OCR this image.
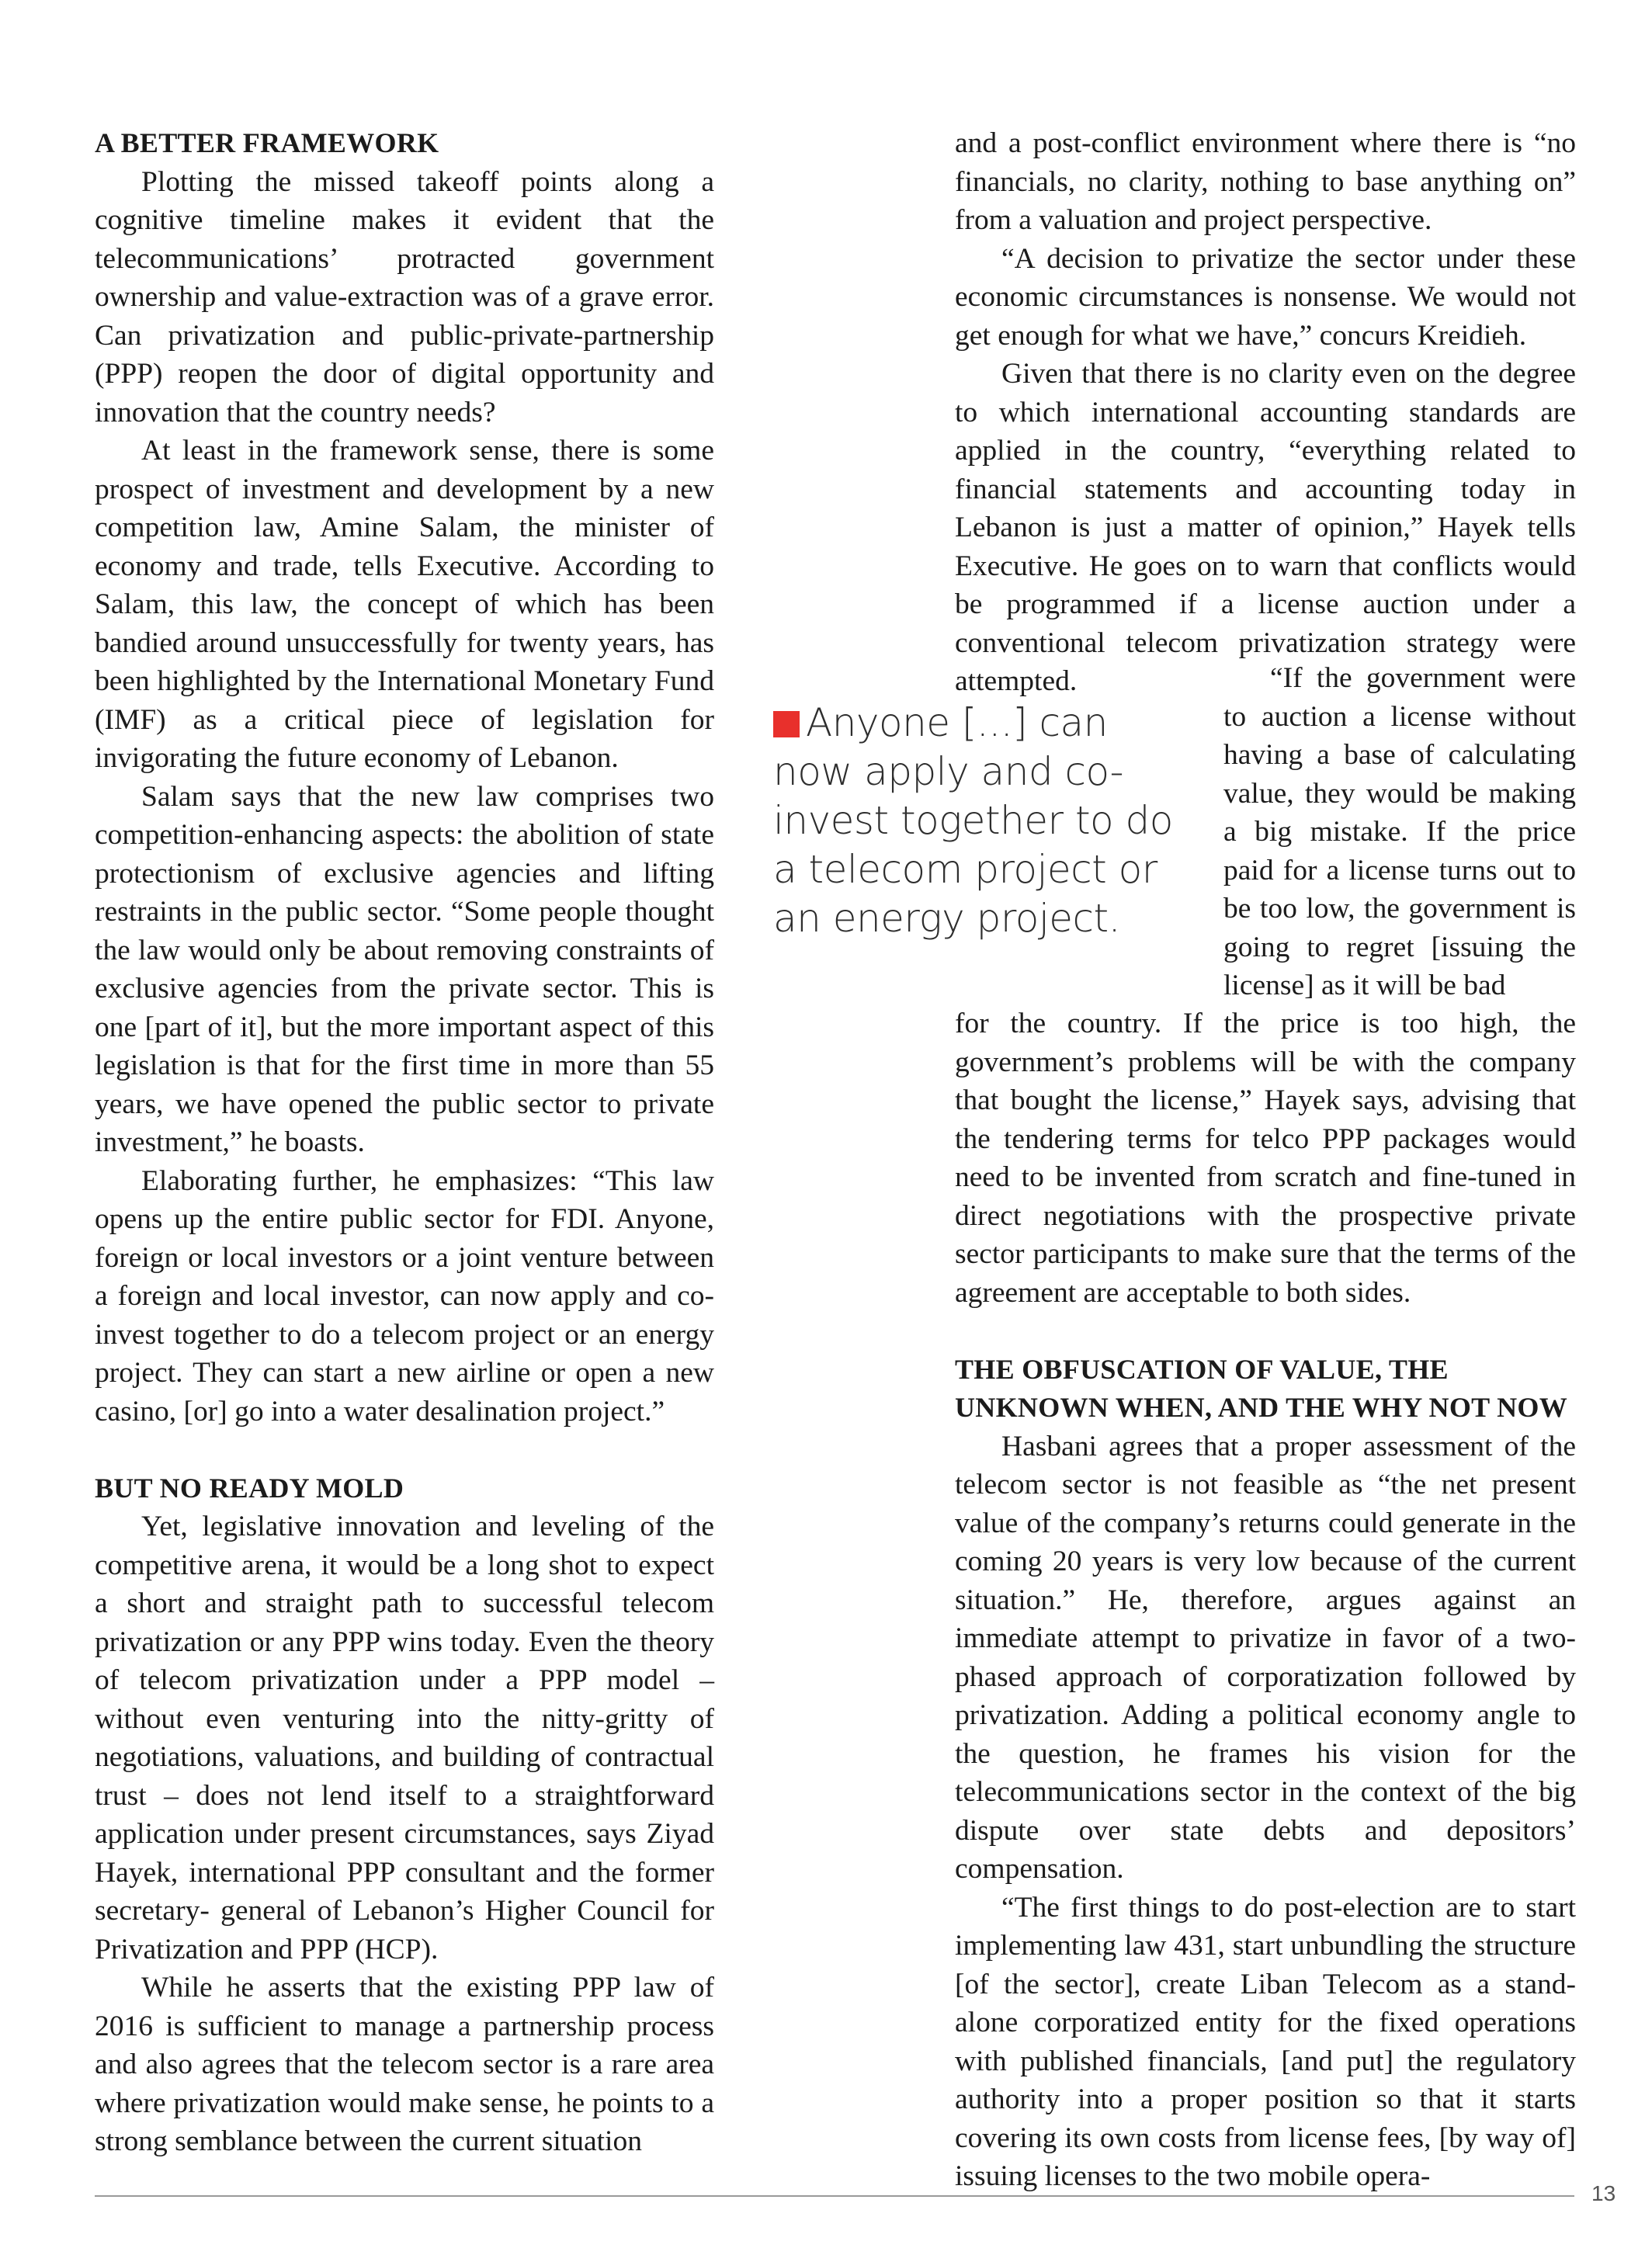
A BETTER FRAMEWORK

Plotting the missed takeoff points along a cognitive timeline makes it evident that the telecommunications’ protracted government ownership and value-extraction was of a grave error. Can privatization and public-private-partnership (PPP) reopen the door of digital opportunity and innovation that the country needs?

At least in the framework sense, there is some prospect of investment and development by a new competition law, Amine Salam, the minister of economy and trade, tells Executive. According to Salam, this law, the concept of which has been bandied around unsuccessfully for twenty years, has been highlighted by the International Monetary Fund (IMF) as a critical piece of legislation for invigorating the future economy of Lebanon.

Salam says that the new law comprises two competition-enhancing aspects: the abolition of state protectionism of exclusive agencies and lifting restraints in the public sector. “Some people thought the law would only be about removing constraints of exclusive agencies from the private sector. This is one [part of it], but the more important aspect of this legislation is that for the first time in more than 55 years, we have opened the public sector to private investment,” he boasts.

Elaborating further, he emphasizes: “This law opens up the entire public sector for FDI. Anyone, foreign or local investors or a joint venture between a foreign and local investor, can now apply and co-invest together to do a telecom project or an energy project. They can start a new airline or open a new casino, [or] go into a water desalination project.”

BUT NO READY MOLD

Yet, legislative innovation and leveling of the competitive arena, it would be a long shot to expect a short and straight path to successful telecom privatization or any PPP wins today. Even the theory of telecom privatization under a PPP model – without even venturing into the nitty-gritty of negotiations, valuations, and building of contractual trust – does not lend itself to a straightforward application under present circumstances, says Ziyad Hayek, international PPP consultant and the former secretary- general of Lebanon’s Higher Council for Privatization and PPP (HCP).

While he asserts that the existing PPP law of 2016 is sufficient to manage a partnership process and also agrees that the telecom sector is a rare area where privatization would make sense, he points to a strong semblance between the current situation

and a post-conflict environment where there is “no financials, no clarity, nothing to base anything on” from a valuation and project perspective.

“A decision to privatize the sector under these economic circumstances is nonsense. We would not get enough for what we have,” concurs Kreidieh.

Given that there is no clarity even on the degree to which international accounting standards are applied in the country, “everything related to financial statements and accounting today in Lebanon is just a matter of opinion,” Hayek tells Executive. He goes on to warn that conflicts would be programmed if a license auction under a conventional telecom privatization strategy were attempted.

Anyone [...] can now apply and co-invest together to do a telecom project or an energy project.

“If the government were to auction a license without having a base of calculating value, they would be making a big mistake. If the price paid for a license turns out to be too low, the government is going to regret [issuing the license] as it will be bad

for the country. If the price is too high, the government’s problems will be with the company that bought the license,” Hayek says, advising that the tendering terms for telco PPP packages would need to be invented from scratch and fine-tuned in direct negotiations with the prospective private sector participants to make sure that the terms of the agreement are acceptable to both sides.

THE OBFUSCATION OF VALUE, THE UNKNOWN WHEN, AND THE WHY NOT NOW

Hasbani agrees that a proper assessment of the telecom sector is not feasible as “the net present value of the company’s returns could generate in the coming 20 years is very low because of the current situation.” He, therefore, argues against an immediate attempt to privatize in favor of a two-phased approach of corporatization followed by privatization. Adding a political economy angle to the question, he frames his vision for the telecommunications sector in the context of the big dispute over state debts and depositors’ compensation.

“The first things to do post-election are to start implementing law 431, start unbundling the structure [of the sector], create Liban Telecom as a stand-alone corporatized entity for the fixed operations with published financials, [and put] the regulatory authority into a proper position so that it starts covering its own costs from license fees, [by way of] issuing licenses to the two mobile opera-

13
